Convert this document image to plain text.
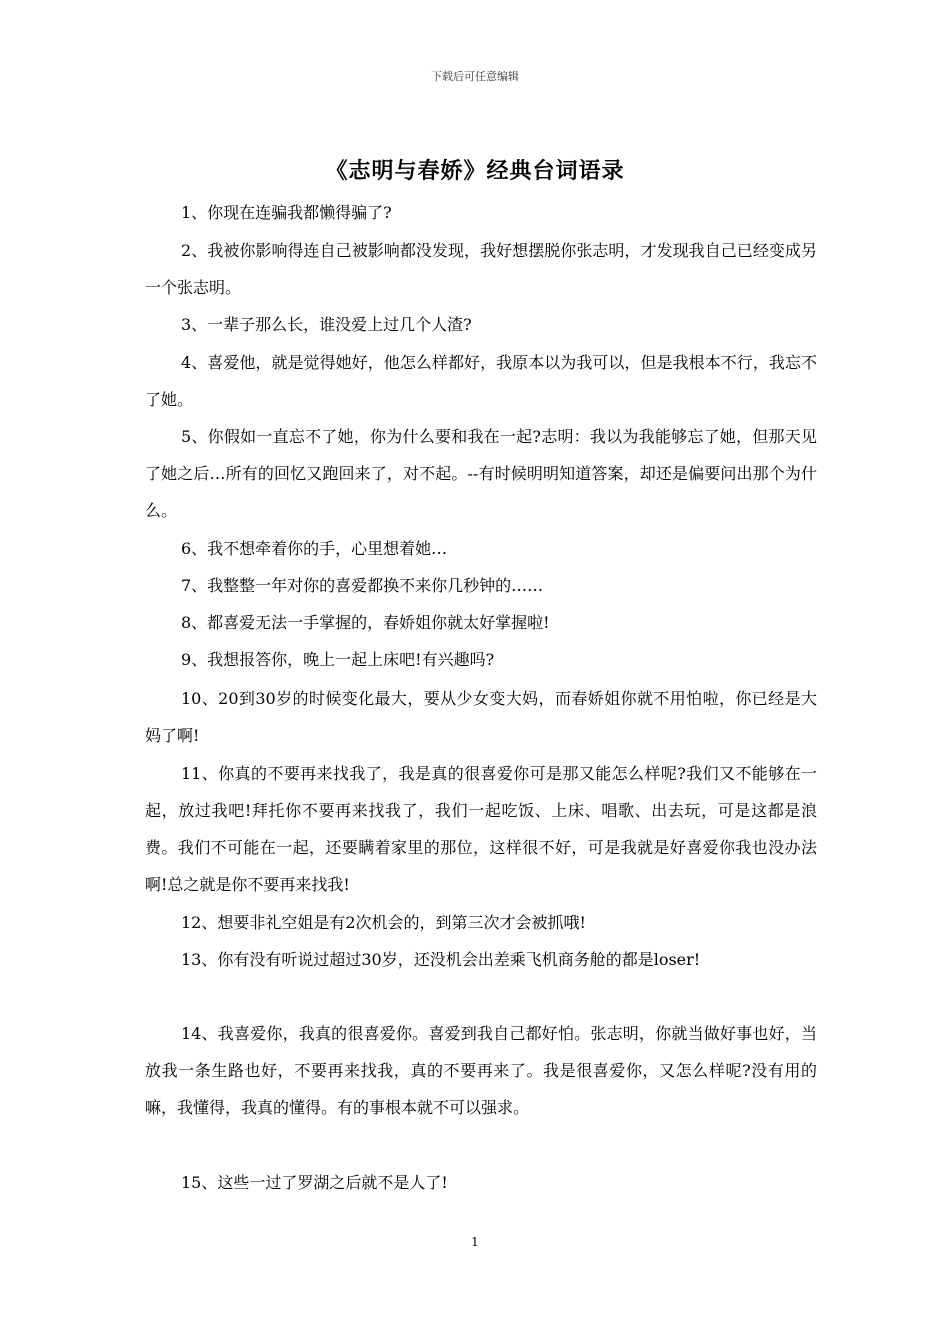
下载后可任意编辑
《志明与春娇》经典台词语录
1、你现在连骗我都懒得骗了?
2、我被你影响得连自己被影响都没发现，我好想摆脱你张志明，才发现我自己已经变成另一个张志明。
3、一辈子那么长，谁没爱上过几个人渣?
4、喜爱他，就是觉得她好，他怎么样都好，我原本以为我可以，但是我根本不行，我忘不了她。
5、你假如一直忘不了她，你为什么要和我在一起?志明：我以为我能够忘了她，但那天见了她之后…所有的回忆又跑回来了，对不起。--有时候明明知道答案，却还是偏要问出那个为什么。
6、我不想牵着你的手，心里想着她…
7、我整整一年对你的喜爱都换不来你几秒钟的……
8、都喜爱无法一手掌握的，春娇姐你就太好掌握啦!
9、我想报答你，晚上一起上床吧!有兴趣吗?
10、20到30岁的时候变化最大，要从少女变大妈，而春娇姐你就不用怕啦，你已经是大妈了啊!
11、你真的不要再来找我了，我是真的很喜爱你可是那又能怎么样呢?我们又不能够在一起，放过我吧!拜托你不要再来找我了，我们一起吃饭、上床、唱歌、出去玩，可是这都是浪费。我们不可能在一起，还要瞒着家里的那位，这样很不好，可是我就是好喜爱你我也没办法啊!总之就是你不要再来找我!
12、想要非礼空姐是有2次机会的，到第三次才会被抓哦!
13、你有没有听说过超过30岁，还没机会出差乘飞机商务舱的都是loser!
14、我喜爱你，我真的很喜爱你。喜爱到我自己都好怕。张志明，你就当做好事也好，当放我一条生路也好，不要再来找我，真的不要再来了。我是很喜爱你，又怎么样呢?没有用的嘛，我懂得，我真的懂得。有的事根本就不可以强求。
15、这些一过了罗湖之后就不是人了!
1
